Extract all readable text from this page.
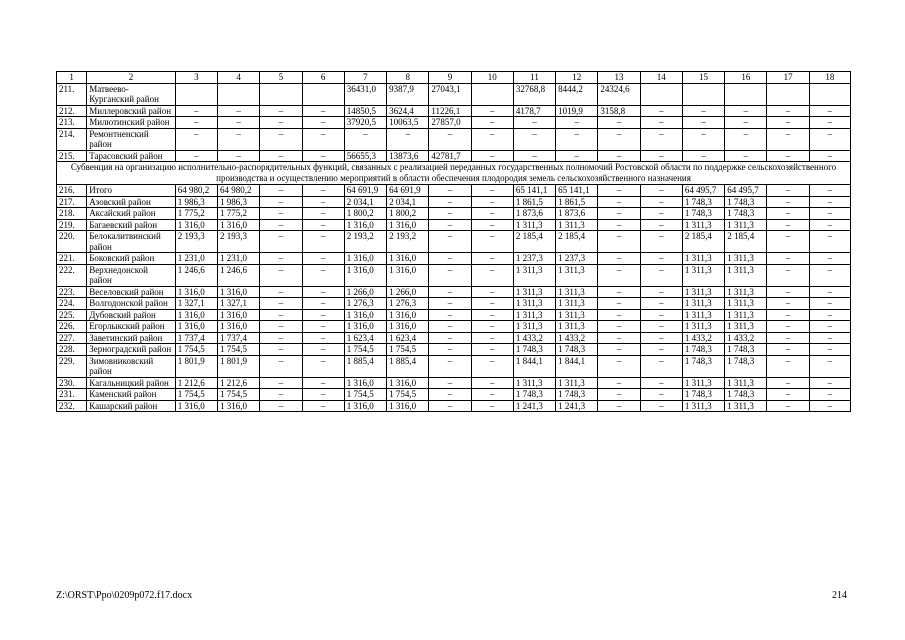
1	2	3	4	5	6	7	8	9	10	11	12	13	14	15	16	17	18
211.	Матвеево-Курганский район					36431,0	9387,9	27043,1		32768,8	8444,2	24324,6					
212.	Миллеровский район	–	–	–	–	14850,5	3624,4	11226,1	–	4178,7	1019,9	3158,8	–	–	–	–	–
213.	Милютинский район	–	–	–	–	37920,5	10063,5	27857,0	–	–	–	–	–	–	–	–	–
214.	Ремонтненский район	–	–	–	–	–	–	–	–	–	–	–	–	–	–	–	–
215.	Тарасовский район	–	–	–	–	56655,3	13873,6	42781,7	–	–	–	–	–	–	–	–	–
Субвенция на организацию исполнительно-распорядительных функций, связанных с реализацией переданных государственных полномочий Ростовской области по поддержке сельскохозяйственного производства и осуществлению мероприятий в области обеспечения плодородия земель сельскохозяйственного назначения																	
216.	Итого	64 980,2	64 980,2	–	–	64 691,9	64 691,9	–	–	65 141,1	65 141,1	–	–	64 495,7	64 495,7	–	–
217.	Азовский район	1 986,3	1 986,3	–	–	2 034,1	2 034,1	–	–	1 861,5	1 861,5	–	–	1 748,3	1 748,3	–	–
218.	Аксайский район	1 775,2	1 775,2	–	–	1 800,2	1 800,2	–	–	1 873,6	1 873,6	–	–	1 748,3	1 748,3	–	–
219.	Багаевский район	1 316,0	1 316,0	–	–	1 316,0	1 316,0	–	–	1 311,3	1 311,3	–	–	1 311,3	1 311,3	–	–
220.	Белокалитвинский район	2 193,3	2 193,3	–	–	2 193,2	2 193,2	–	–	2 185,4	2 185,4	–	–	2 185,4	2 185,4	–	–
221.	Боковский район	1 231,0	1 231,0	–	–	1 316,0	1 316,0	–	–	1 237,3	1 237,3	–	–	1 311,3	1 311,3	–	–
222.	Верхнедонской район	1 246,6	1 246,6	–	–	1 316,0	1 316,0	–	–	1 311,3	1 311,3	–	–	1 311,3	1 311,3	–	–
223.	Веселовский район	1 316,0	1 316,0	–	–	1 266,0	1 266,0	–	–	1 311,3	1 311,3	–	–	1 311,3	1 311,3	–	–
224.	Волгодонской район	1 327,1	1 327,1	–	–	1 276,3	1 276,3	–	–	1 311,3	1 311,3	–	–	1 311,3	1 311,3	–	–
225.	Дубовский район	1 316,0	1 316,0	–	–	1 316,0	1 316,0	–	–	1 311,3	1 311,3	–	–	1 311,3	1 311,3	–	–
226.	Егорлыкский район	1 316,0	1 316,0	–	–	1 316,0	1 316,0	–	–	1 311,3	1 311,3	–	–	1 311,3	1 311,3	–	–
227.	Заветинский район	1 737,4	1 737,4	–	–	1 623,4	1 623,4	–	–	1 433,2	1 433,2	–	–	1 433,2	1 433,2	–	–
228.	Зерноградский район	1 754,5	1 754,5	–	–	1 754,5	1 754,5	–	–	1 748,3	1 748,3	–	–	1 748,3	1 748,3	–	–
229.	Зимовниковский район	1 801,9	1 801,9	–	–	1 885,4	1 885,4	–	–	1 844,1	1 844,1	–	–	1 748,3	1 748,3	–	–
230.	Кагальницкий район	1 212,6	1 212,6	–	–	1 316,0	1 316,0	–	–	1 311,3	1 311,3	–	–	1 311,3	1 311,3	–	–
231.	Каменский район	1 754,5	1 754,5	–	–	1 754,5	1 754,5	–	–	1 748,3	1 748,3	–	–	1 748,3	1 748,3	–	–
232.	Кашарский район	1 316,0	1 316,0	–	–	1 316,0	1 316,0	–	–	1 241,3	1 241,3	–	–	1 311,3	1 311,3	–	–
Z:\ORST\Ppo\0209p072.f17.docx	214
